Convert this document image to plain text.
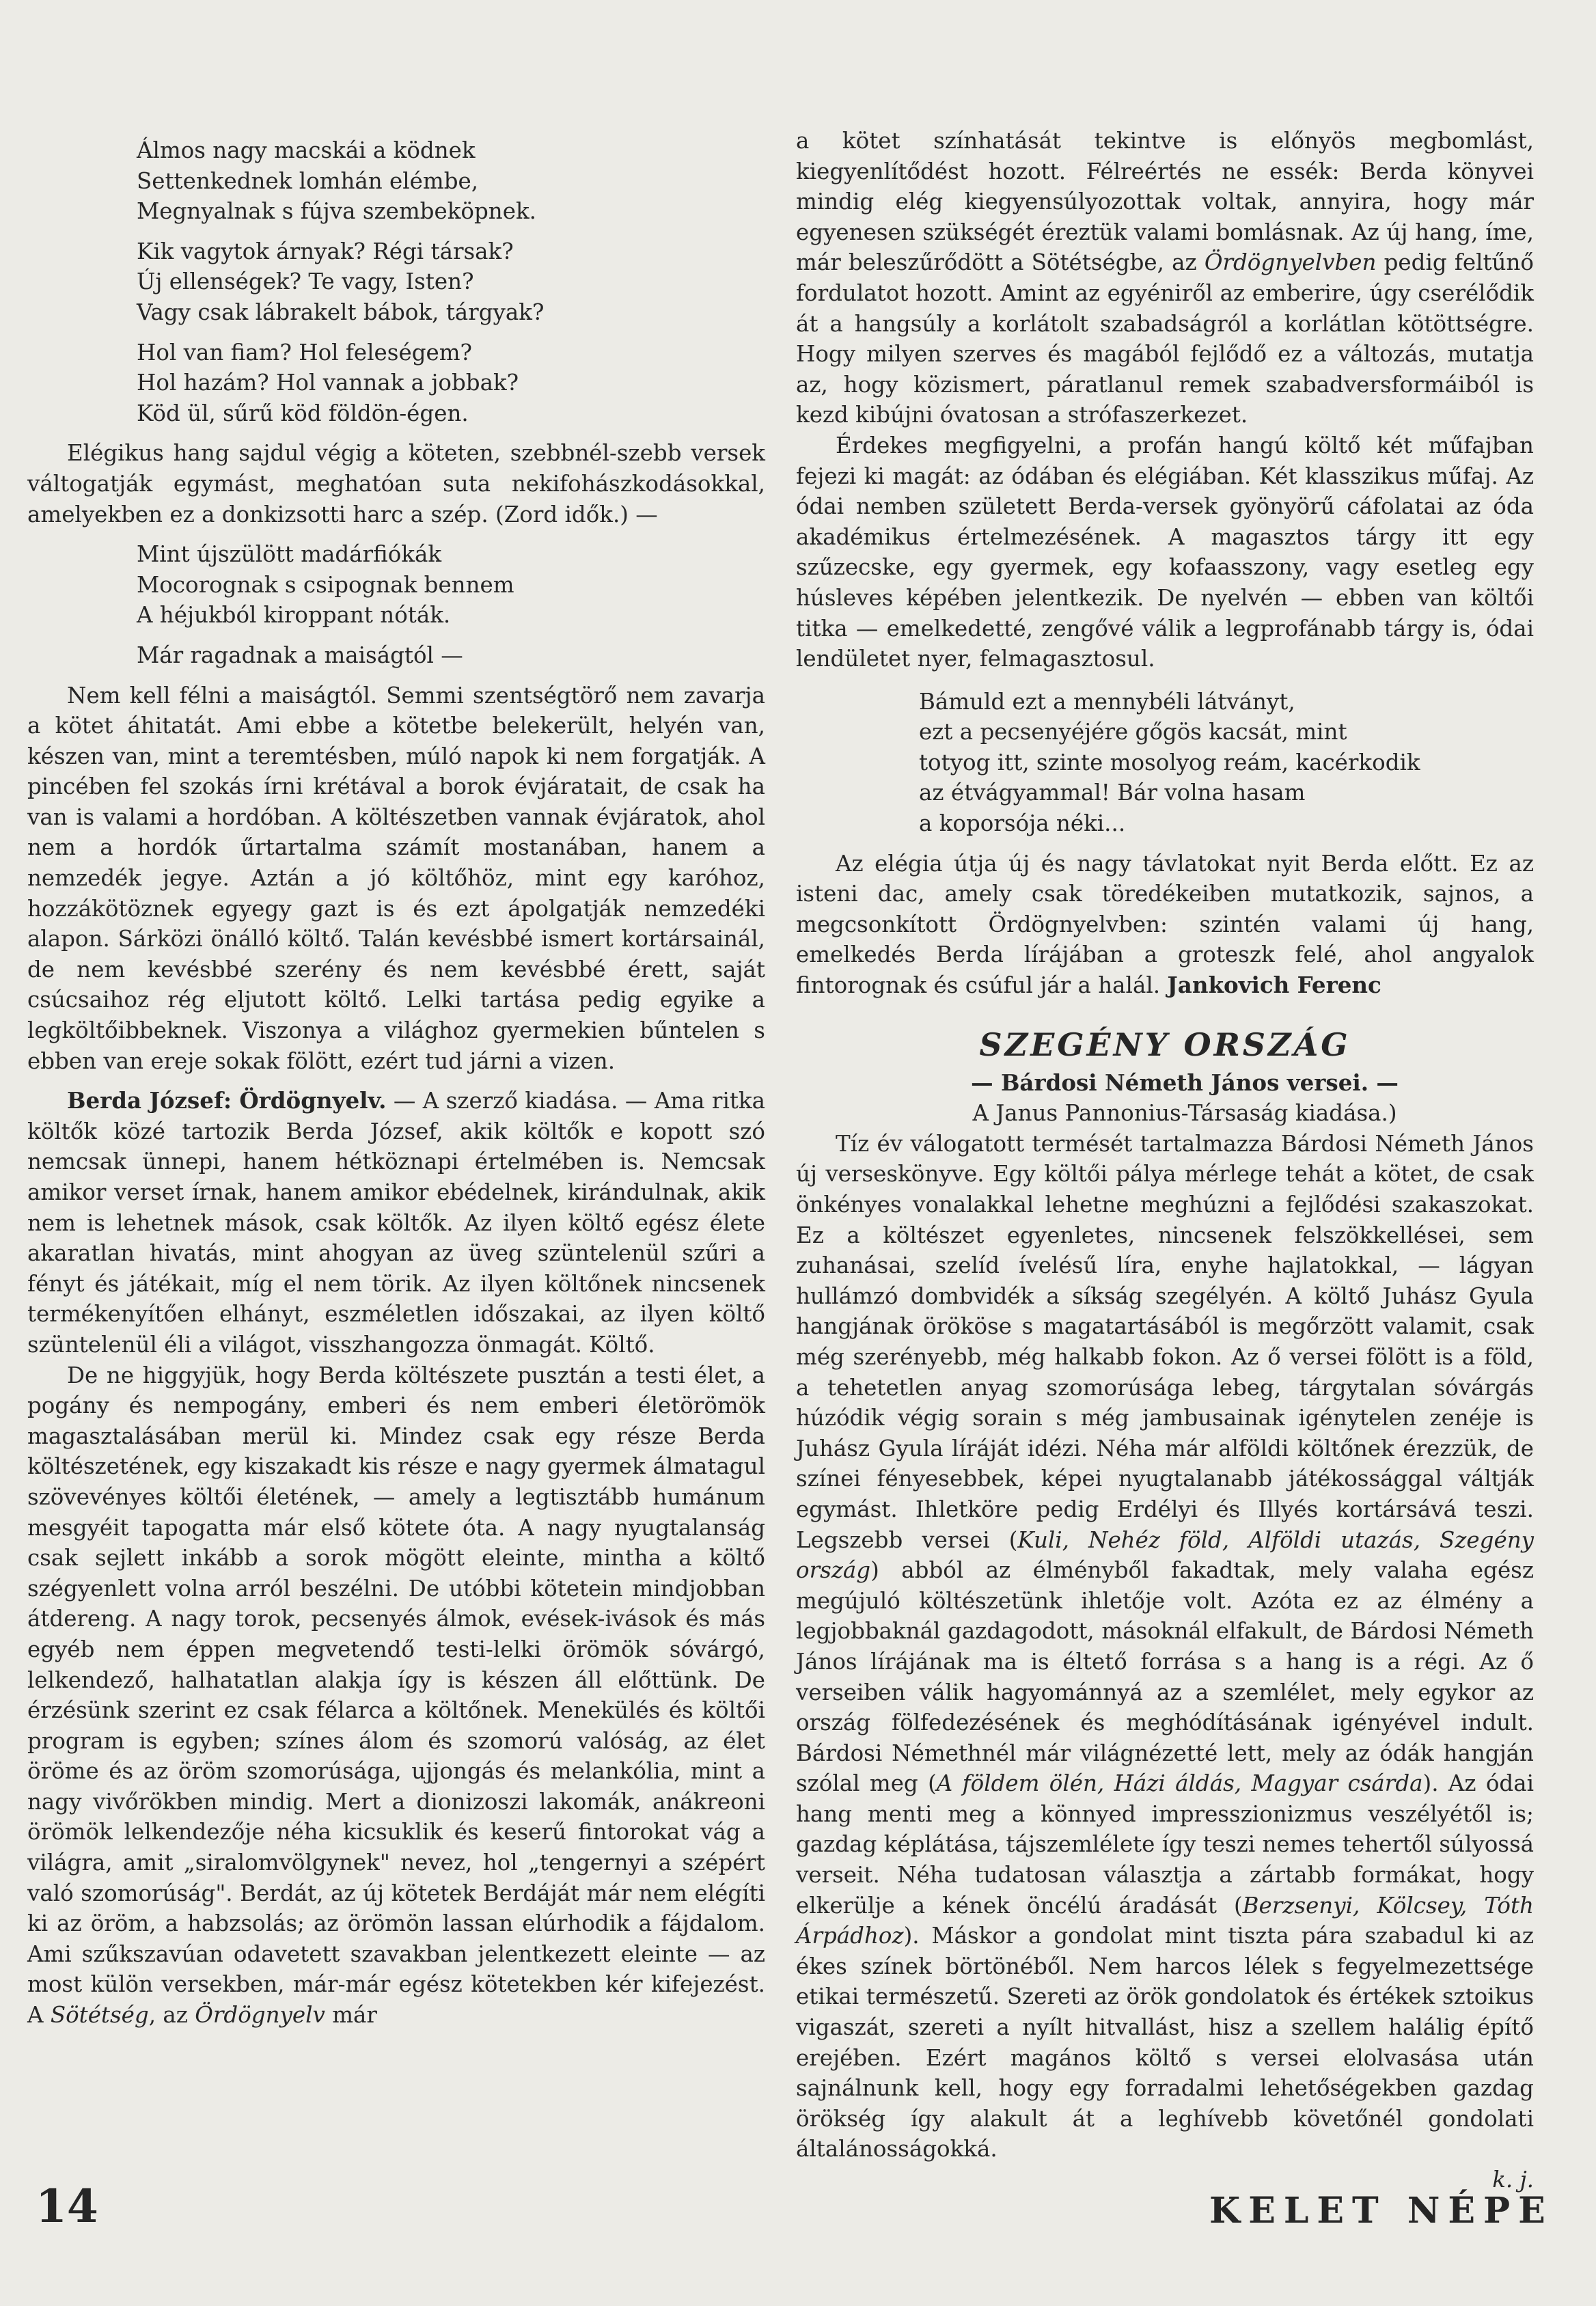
Álmos nagy macskái a ködnek
Settenkednek lomhán elémbe,
Megnyalnak s fújva szembeköpnek.
Kik vagytok árnyak? Régi társak?
Új ellenségek? Te vagy, Isten?
Vagy csak lábrakelt bábok, tárgyak?
Hol van fiam? Hol feleségem?
Hol hazám? Hol vannak a jobbak?
Köd ül, sűrű köd földön-égen.

Elégikus hang sajdul végig a köteten, szebbnél-szebb versek váltogatják egymást, meghatóan suta nekifohászkodásokkal, amelyekben ez a donkizsotti harc a szép. (Zord idők.) —

Mint újszülött madárfiókák
Mocorognak s csipognak bennem
A héjukból kiroppant nóták.
Már ragadnak a maiságtól —

Nem kell félni a maiságtól. Semmi szentségtörő nem zavarja a kötet áhitatát. Ami ebbe a kötetbe belekerült, helyén van, készen van, mint a teremtésben, múló napok ki nem forgatják. A pincében fel szokás írni krétával a borok évjáratait, de csak ha van is valami a hordóban. A költészetben vannak évjáratok, ahol nem a hordók űrtartalma számít mostanában, hanem a nemzedék jegye. Aztán a jó költőhöz, mint egy karóhoz, hozzákötöznek egyegy gazt is és ezt ápolgatják nemzedéki alapon. Sárközi önálló költő. Talán kevésbbé ismert kortársainál, de nem kevésbbé szerény és nem kevésbbé érett, saját csúcsaihoz rég eljutott költő. Lelki tartása pedig egyike a legköltőibbeknek. Viszonya a világhoz gyermekien bűntelen s ebben van ereje sokak fölött, ezért tud járni a vizen.

Berda József: Ördögnyelv. — A szerző kiadása. — Ama ritka költők közé tartozik Berda József, akik költők e kopott szó nemcsak ünnepi, hanem hétköznapi értelmében is. Nemcsak amikor verset írnak, hanem amikor ebédelnek, kirándulnak, akik nem is lehetnek mások, csak költők. Az ilyen költő egész élete akaratlan hivatás, mint ahogyan az üveg szüntelenül szűri a fényt és játékait, míg el nem törik. Az ilyen költőnek nincsenek termékenyítően elhányt, eszméletlen időszakai, az ilyen költő szüntelenül éli a világot, visszhangozza önmagát. Költő.

De ne higgyjük, hogy Berda költészete pusztán a testi élet, a pogány és nempogány, emberi és nem emberi életörömök magasztalásában merül ki. Mindez csak egy része Berda költészetének, egy kiszakadt kis része e nagy gyermek álmatagul szövevényes költői életének, — amely a legtisztább humánum mesgyéit tapogatta már első kötete óta. A nagy nyugtalanság csak sejlett inkább a sorok mögött eleinte, mintha a költő szégyenlett volna arról beszélni. De utóbbi kötetein mindjobban átdereng. A nagy torok, pecsenyés álmok, evések-ivások és más egyéb nem éppen megvetendő testi-lelki örömök sóvárgó, lelkendező, halhatatlan alakja így is készen áll előttünk. De érzésünk szerint ez csak félarca a költőnek. Menekülés és költői program is egyben; színes álom és szomorú valóság, az élet öröme és az öröm szomorúsága, ujjongás és melankólia, mint a nagy vivőrökben mindig. Mert a dionizoszi lakomák, anákreoni örömök lelkendezője néha kicsuklik és keserű fintorokat vág a világra, amit „siralomvölgynek" nevez, hol „tengernyi a szépért való szomorúság". Berdát, az új kötetek Berdáját már nem elégíti ki az öröm, a habzsolás; az örömön lassan elúrhodik a fájdalom. Ami szűkszavúan odavetett szavakban jelentkezett eleinte — az most külön versekben, már-már egész kötetekben kér kifejezést. A Sötétség, az Ördögnyelv már

a kötet színhatását tekintve is előnyös megbomlást, kiegyenlítődést hozott. Félreértés ne essék: Berda könyvei mindig elég kiegyensúlyozottak voltak, annyira, hogy már egyenesen szükségét éreztük valami bomlásnak. Az új hang, íme, már beleszűrődött a Sötétségbe, az Ördögnyelvben pedig feltűnő fordulatot hozott. Amint az egyéniről az emberire, úgy cserélődik át a hangsúly a korlátolt szabadságról a korlátlan kötöttségre. Hogy milyen szerves és magából fejlődő ez a változás, mutatja az, hogy közismert, páratlanul remek szabadversformáiból is kezd kibújni óvatosan a strófaszerkezet.

Érdekes megfigyelni, a profán hangú költő két műfajban fejezi ki magát: az ódában és elégiában. Két klasszikus műfaj. Az ódai nemben született Berda-versek gyönyörű cáfolatai az óda akadémikus értelmezésének. A magasztos tárgy itt egy szűzecske, egy gyermek, egy kofaasszony, vagy esetleg egy húsleves képében jelentkezik. De nyelvén — ebben van költői titka — emelkedetté, zengővé válik a legprofánabb tárgy is, ódai lendületet nyer, felmagasztosul.

Bámuld ezt a mennybéli látványt,
ezt a pecsenyéjére gőgös kacsát, mint
totyog itt, szinte mosolyog reám, kacérkodik
az étvágyammal! Bár volna hasam
a koporsója néki...

Az elégia útja új és nagy távlatokat nyit Berda előtt. Ez az isteni dac, amely csak töredékeiben mutatkozik, sajnos, a megcsonkított Ördögnyelvben: szintén valami új hang, emelkedés Berda lírájában a groteszk felé, ahol angyalok fintorognak és csúful jár a halál. Jankovich Ferenc

SZEGÉNY ORSZÁG

— Bárdosi Németh János versei. —

A Janus Pannonius-Társaság kiadása.)

Tíz év válogatott termését tartalmazza Bárdosi Németh János új verseskönyve. Egy költői pálya mérlege tehát a kötet, de csak önkényes vonalakkal lehetne meghúzni a fejlődési szakaszokat. Ez a költészet egyenletes, nincsenek felszökkellései, sem zuhanásai, szelíd ívelésű líra, enyhe hajlatokkal, — lágyan hullámzó dombvidék a síkság szegélyén. A költő Juhász Gyula hangjának örököse s magatartásából is megőrzött valamit, csak még szerényebb, még halkabb fokon. Az ő versei fölött is a föld, a tehetetlen anyag szomorúsága lebeg, tárgytalan sóvárgás húzódik végig sorain s még jambusainak igénytelen zenéje is Juhász Gyula líráját idézi. Néha már alföldi költőnek érezzük, de színei fényesebbek, képei nyugtalanabb játékossággal váltják egymást. Ihletköre pedig Erdélyi és Illyés kortársává teszi. Legszebb versei (Kuli, Nehéz föld, Alföldi utazás, Szegény ország) abból az élményből fakadtak, mely valaha egész megújuló költészetünk ihletője volt. Azóta ez az élmény a legjobbaknál gazdagodott, másoknál elfakult, de Bárdosi Németh János lírájának ma is éltető forrása s a hang is a régi. Az ő verseiben válik hagyománnyá az a szemlélet, mely egykor az ország fölfedezésének és meghódításának igényével indult. Bárdosi Némethnél már világnézetté lett, mely az ódák hangján szólal meg (A földem ölén, Házi áldás, Magyar csárda). Az ódai hang menti meg a könnyed impresszionizmus veszélyétől is; gazdag képlátása, tájszemlélete így teszi nemes tehertől súlyossá verseit. Néha tudatosan választja a zártabb formákat, hogy elkerülje a kének öncélú áradását (Berzsenyi, Kölcsey, Tóth Árpádhoz). Máskor a gondolat mint tiszta pára szabadul ki az ékes színek börtönéből. Nem harcos lélek s fegyelmezettsége etikai természetű. Szereti az örök gondolatok és értékek sztoikus vigaszát, szereti a nyílt hitvallást, hisz a szellem halálig építő erejében. Ezért magános költő s versei elolvasása után sajnálnunk kell, hogy egy forradalmi lehetőségekben gazdag örökség így alakult át a leghívebb követőnél gondolati általánosságokká.

k. j.

14	KELET NÉPE
